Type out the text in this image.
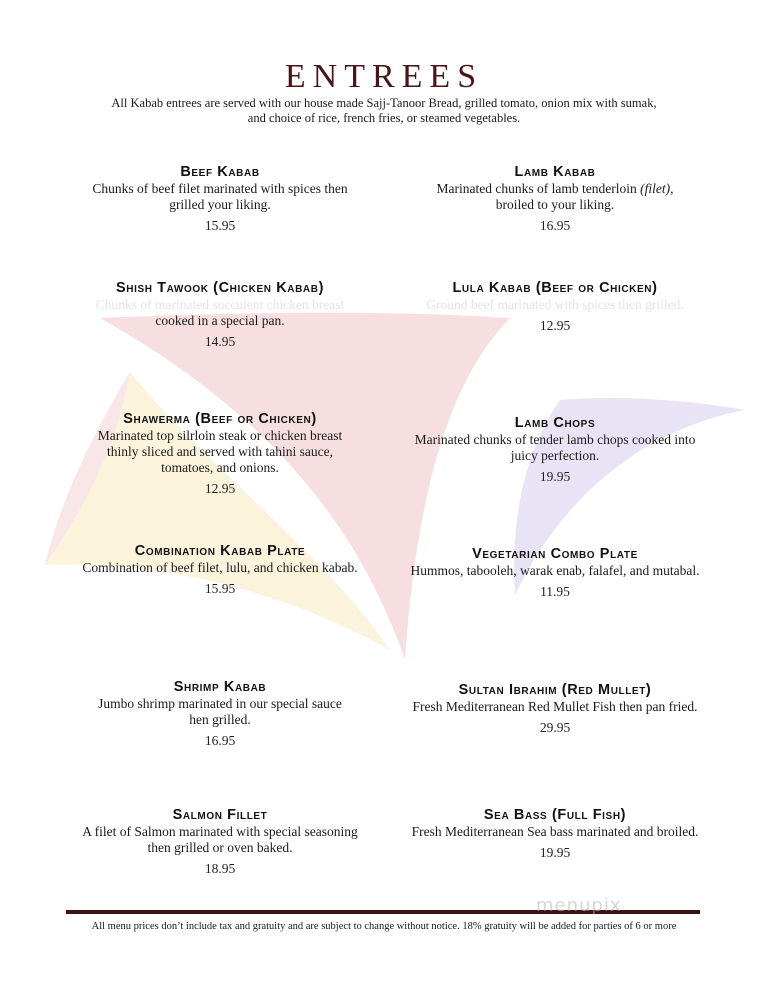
ENTREES
All Kabab entrees are served with our house made Sajj-Tanoor Bread, grilled tomato, onion mix with sumak,
and choice of rice, french fries, or steamed vegetables.
Beef Kabab
Chunks of beef filet marinated with spices then
grilled your liking.
15.95
Lamb Kabab
Marinated chunks of lamb tenderloin (filet),
broiled to your liking.
16.95
Shish Tawook (Chicken Kabab)
Chunks of marinated succulent chicken breast
cooked in a special pan.
14.95
Lula Kabab (Beef or Chicken)
Ground beef marinated with spices then grilled.
12.95
Shawerma (Beef or Chicken)
Marinated top silrloin steak or chicken breast
thinly sliced and served with tahini sauce,
tomatoes, and onions.
12.95
Lamb Chops
Marinated chunks of tender lamb chops cooked into
juicy perfection.
19.95
Combination Kabab Plate
Combination of beef filet, lulu, and chicken kabab.
15.95
Vegetarian Combo Plate
Hummos, tabooleh, warak enab, falafel, and mutabal.
11.95
Shrimp Kabab
Jumbo shrimp marinated in our special sauce
hen grilled.
16.95
Sultan Ibrahim (Red Mullet)
Fresh Mediterranean Red Mullet Fish then pan fried.
29.95
Salmon Fillet
A filet of Salmon marinated with special seasoning
then grilled or oven baked.
18.95
Sea Bass (Full Fish)
Fresh Mediterranean Sea bass marinated and broiled.
19.95
menupix
All menu prices don’t include tax and gratuity and are subject to change without notice. 18% gratuity will be added for parties of 6 or more
